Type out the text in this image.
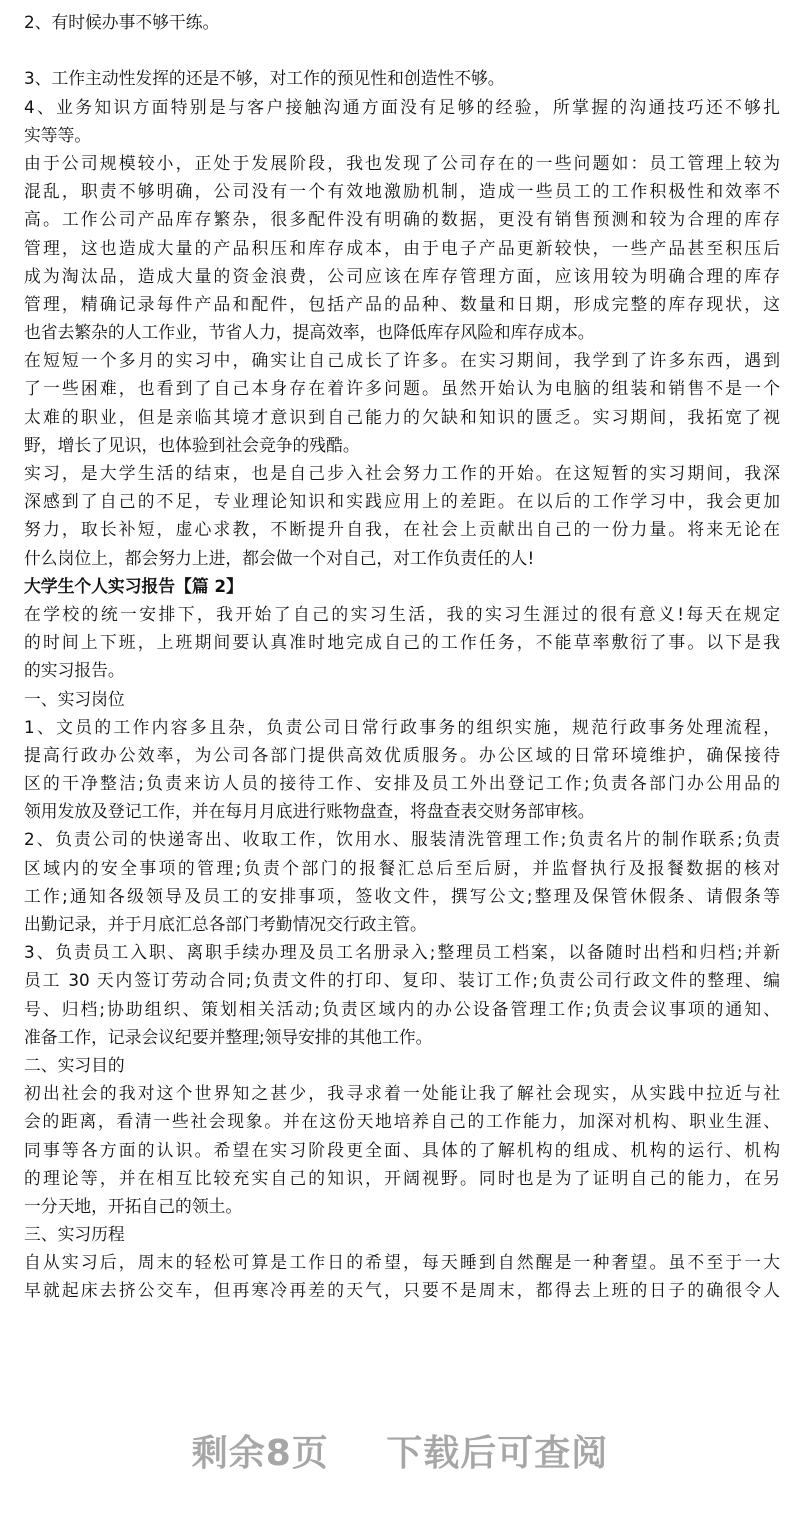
2、有时候办事不够干练。
3、工作主动性发挥的还是不够，对工作的预见性和创造性不够。
4、业务知识方面特别是与客户接触沟通方面没有足够的经验，所掌握的沟通技巧还不够扎
实等等。
由于公司规模较小，正处于发展阶段，我也发现了公司存在的一些问题如：员工管理上较为
混乱，职责不够明确，公司没有一个有效地激励机制，造成一些员工的工作积极性和效率不
高。工作公司产品库存繁杂，很多配件没有明确的数据，更没有销售预测和较为合理的库存
管理，这也造成大量的产品积压和库存成本，由于电子产品更新较快，一些产品甚至积压后
成为淘汰品，造成大量的资金浪费，公司应该在库存管理方面，应该用较为明确合理的库存
管理，精确记录每件产品和配件，包括产品的品种、数量和日期，形成完整的库存现状，这
也省去繁杂的人工作业，节省人力，提高效率，也降低库存风险和库存成本。
在短短一个多月的实习中，确实让自己成长了许多。在实习期间，我学到了许多东西，遇到
了一些困难，也看到了自己本身存在着许多问题。虽然开始认为电脑的组装和销售不是一个
太难的职业，但是亲临其境才意识到自己能力的欠缺和知识的匮乏。实习期间，我拓宽了视
野，增长了见识，也体验到社会竞争的残酷。
实习，是大学生活的结束，也是自己步入社会努力工作的开始。在这短暂的实习期间，我深
深感到了自己的不足，专业理论知识和实践应用上的差距。在以后的工作学习中，我会更加
努力，取长补短，虚心求教，不断提升自我，在社会上贡献出自己的一份力量。将来无论在
什么岗位上，都会努力上进，都会做一个对自己，对工作负责任的人!
大学生个人实习报告【篇 2】
在学校的统一安排下，我开始了自己的实习生活，我的实习生涯过的很有意义!每天在规定
的时间上下班，上班期间要认真准时地完成自己的工作任务，不能草率敷衍了事。以下是我
的实习报告。
一、实习岗位
1、文员的工作内容多且杂，负责公司日常行政事务的组织实施，规范行政事务处理流程，
提高行政办公效率，为公司各部门提供高效优质服务。办公区域的日常环境维护，确保接待
区的干净整洁;负责来访人员的接待工作、安排及员工外出登记工作;负责各部门办公用品的
领用发放及登记工作，并在每月月底进行账物盘查，将盘查表交财务部审核。
2、负责公司的快递寄出、收取工作，饮用水、服装清洗管理工作;负责名片的制作联系;负责
区域内的安全事项的管理;负责个部门的报餐汇总后至后厨，并监督执行及报餐数据的核对
工作;通知各级领导及员工的安排事项，签收文件，撰写公文;整理及保管休假条、请假条等
出勤记录，并于月底汇总各部门考勤情况交行政主管。
3、负责员工入职、离职手续办理及员工名册录入;整理员工档案，以备随时出档和归档;并新
员工 30 天内签订劳动合同;负责文件的打印、复印、装订工作;负责公司行政文件的整理、编
号、归档;协助组织、策划相关活动;负责区域内的办公设备管理工作;负责会议事项的通知、
准备工作，记录会议纪要并整理;领导安排的其他工作。
二、实习目的
初出社会的我对这个世界知之甚少，我寻求着一处能让我了解社会现实，从实践中拉近与社
会的距离，看清一些社会现象。并在这份天地培养自己的工作能力，加深对机构、职业生涯、
同事等各方面的认识。希望在实习阶段更全面、具体的了解机构的组成、机构的运行、机构
的理论等，并在相互比较充实自己的知识，开阔视野。同时也是为了证明自己的能力，在另
一分天地，开拓自己的领土。
三、实习历程
自从实习后，周末的轻松可算是工作日的希望，每天睡到自然醒是一种奢望。虽不至于一大
早就起床去挤公交车，但再寒冷再差的天气，只要不是周末，都得去上班的日子的确很令人
剩余8页 下载后可查阅
